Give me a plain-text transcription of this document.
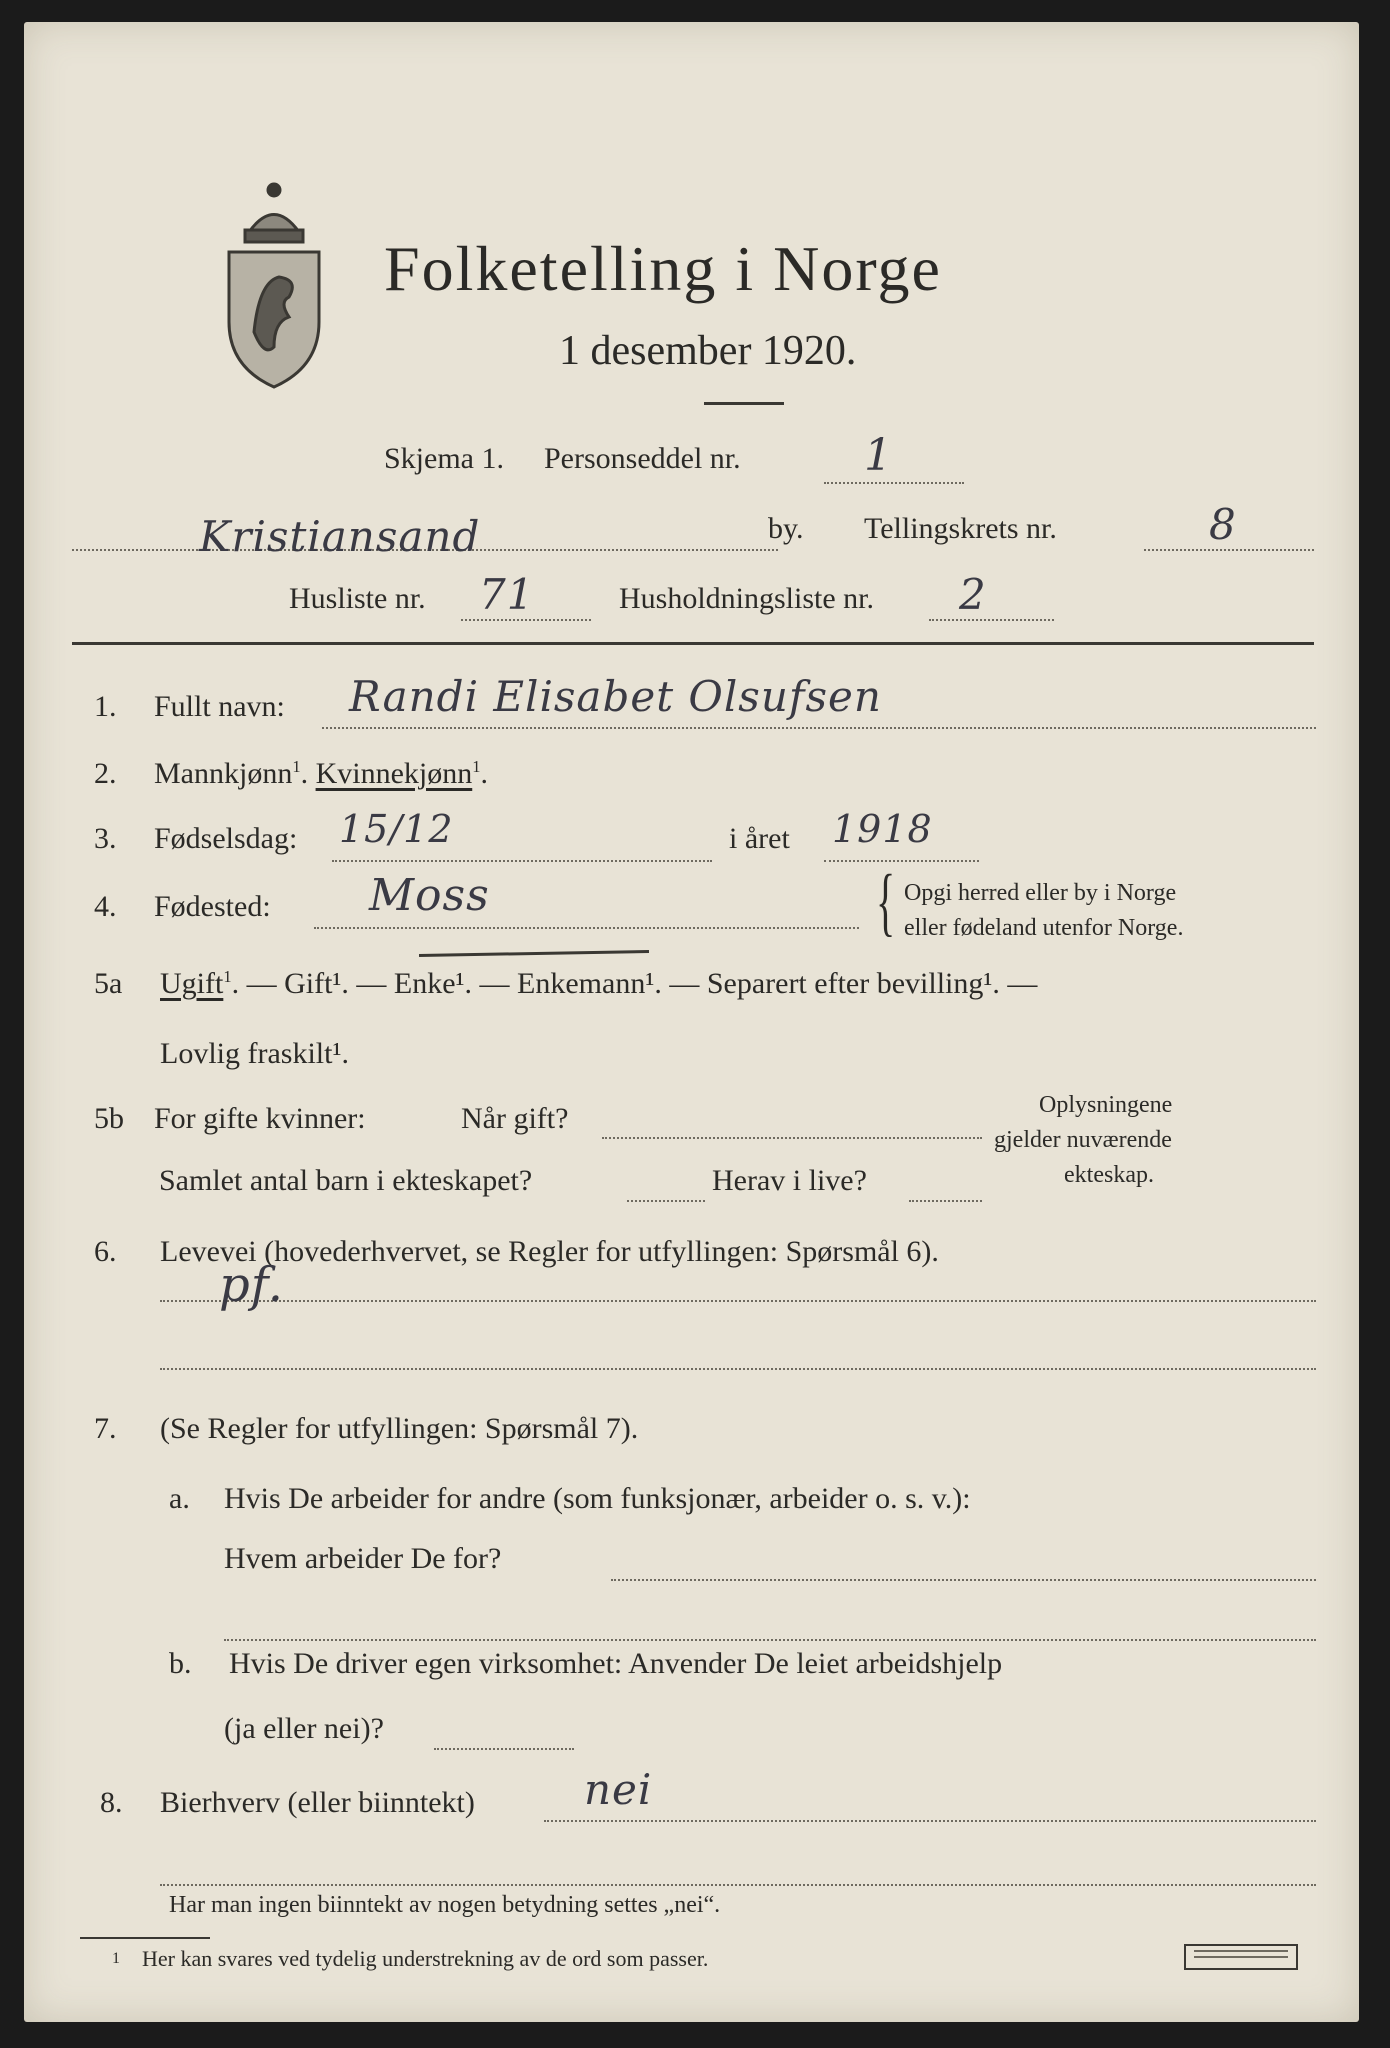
Folketelling i Norge
1 desember 1920.
Skjema 1. Personseddel nr.	1
Kristiansand	by. Tellingskrets nr.	8
Husliste nr. 71	Husholdningsliste nr. 2
1. Fullt navn: Randi Elisabet Olsufsen
2. Mannkjønn$^1$. Kvinnekjønn$^1$.
3. Fødselsdag: 15/12	i året 1918
4. Fødested: Moss	{ Opgi herred eller by i Norge
eller fødeland utenfor Norge.
5a Ugift$^1$. — Gift¹. — Enke¹. — Enkemann¹. — Separert efter bevilling¹. —
Lovlig fraskilt¹.
5b For gifte kvinner:	Når gift?
Samlet antal barn i ekteskapet?	Herav i live?
Oplysningene
gjelder nuværende
ekteskap.
6. Levevei (hovederhvervet, se Regler for utfyllingen: Spørsmål 6).
pf.
7. (Se Regler for utfyllingen: Spørsmål 7).
a. Hvis De arbeider for andre (som funksjonær, arbeider o. s. v.):
Hvem arbeider De for?
b. Hvis De driver egen virksomhet: Anvender De leiet arbeidshjelp
(ja eller nei)?
8. Bierhverv (eller biinntekt)	nei
Har man ingen biinntekt av nogen betydning settes „nei“.
1 Her kan svares ved tydelig understrekning av de ord som passer.
